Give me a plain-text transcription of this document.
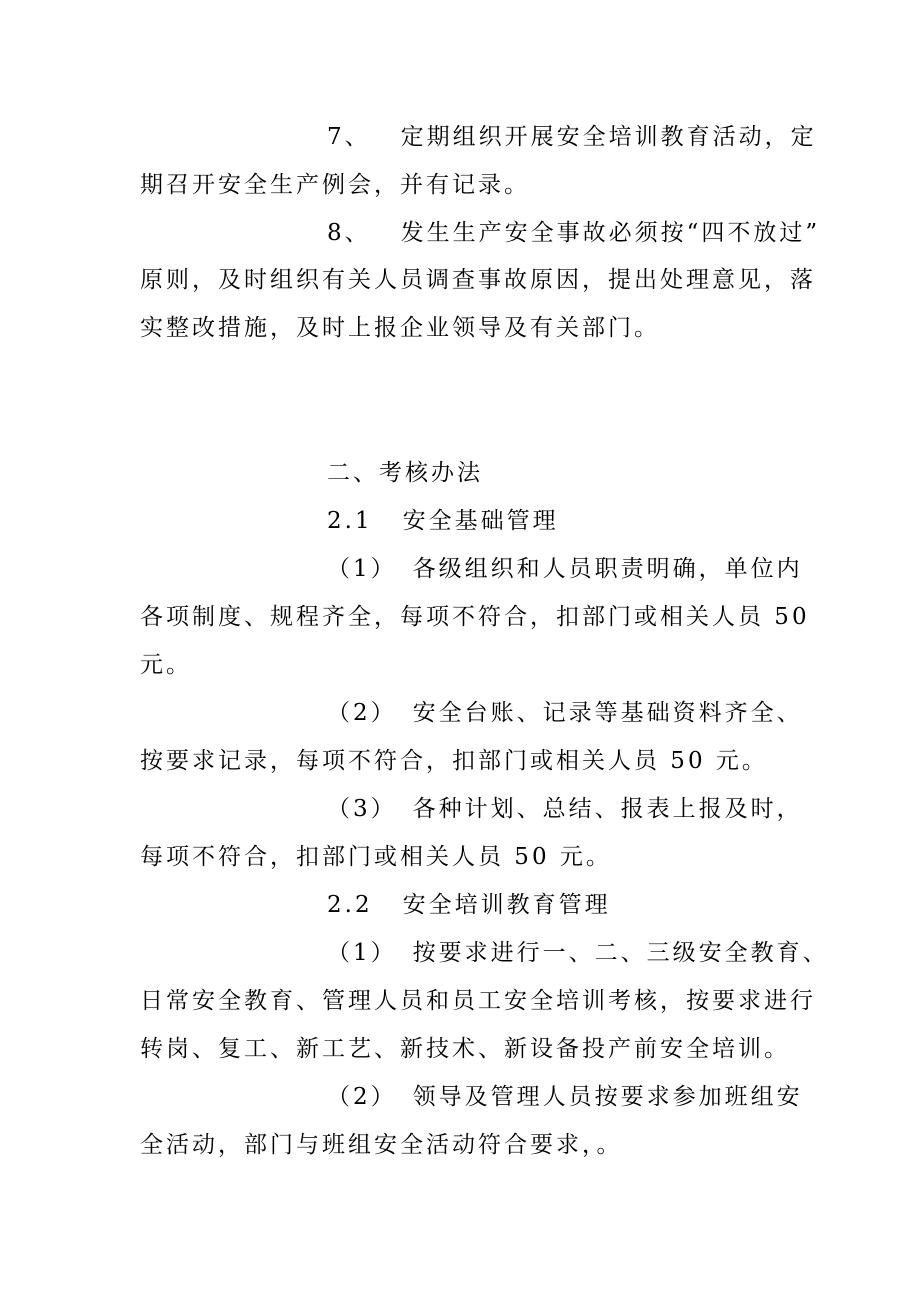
7、 定期组织开展安全培训教育活动，定
期召开安全生产例会，并有记录。
8、 发生生产安全事故必须按“四不放过”
原则，及时组织有关人员调查事故原因，提出处理意见，落
实整改措施，及时上报企业领导及有关部门。
二、考核办法
2.1 安全基础管理
（1） 各级组织和人员职责明确，单位内
各项制度、规程齐全，每项不符合，扣部门或相关人员 50
元。
（2） 安全台账、记录等基础资料齐全、
按要求记录，每项不符合，扣部门或相关人员 50 元。
（3） 各种计划、总结、报表上报及时，
每项不符合，扣部门或相关人员 50 元。
2.2 安全培训教育管理
（1） 按要求进行一、二、三级安全教育、
日常安全教育、管理人员和员工安全培训考核，按要求进行
转岗、复工、新工艺、新技术、新设备投产前安全培训。
（2） 领导及管理人员按要求参加班组安
全活动，部门与班组安全活动符合要求，。
